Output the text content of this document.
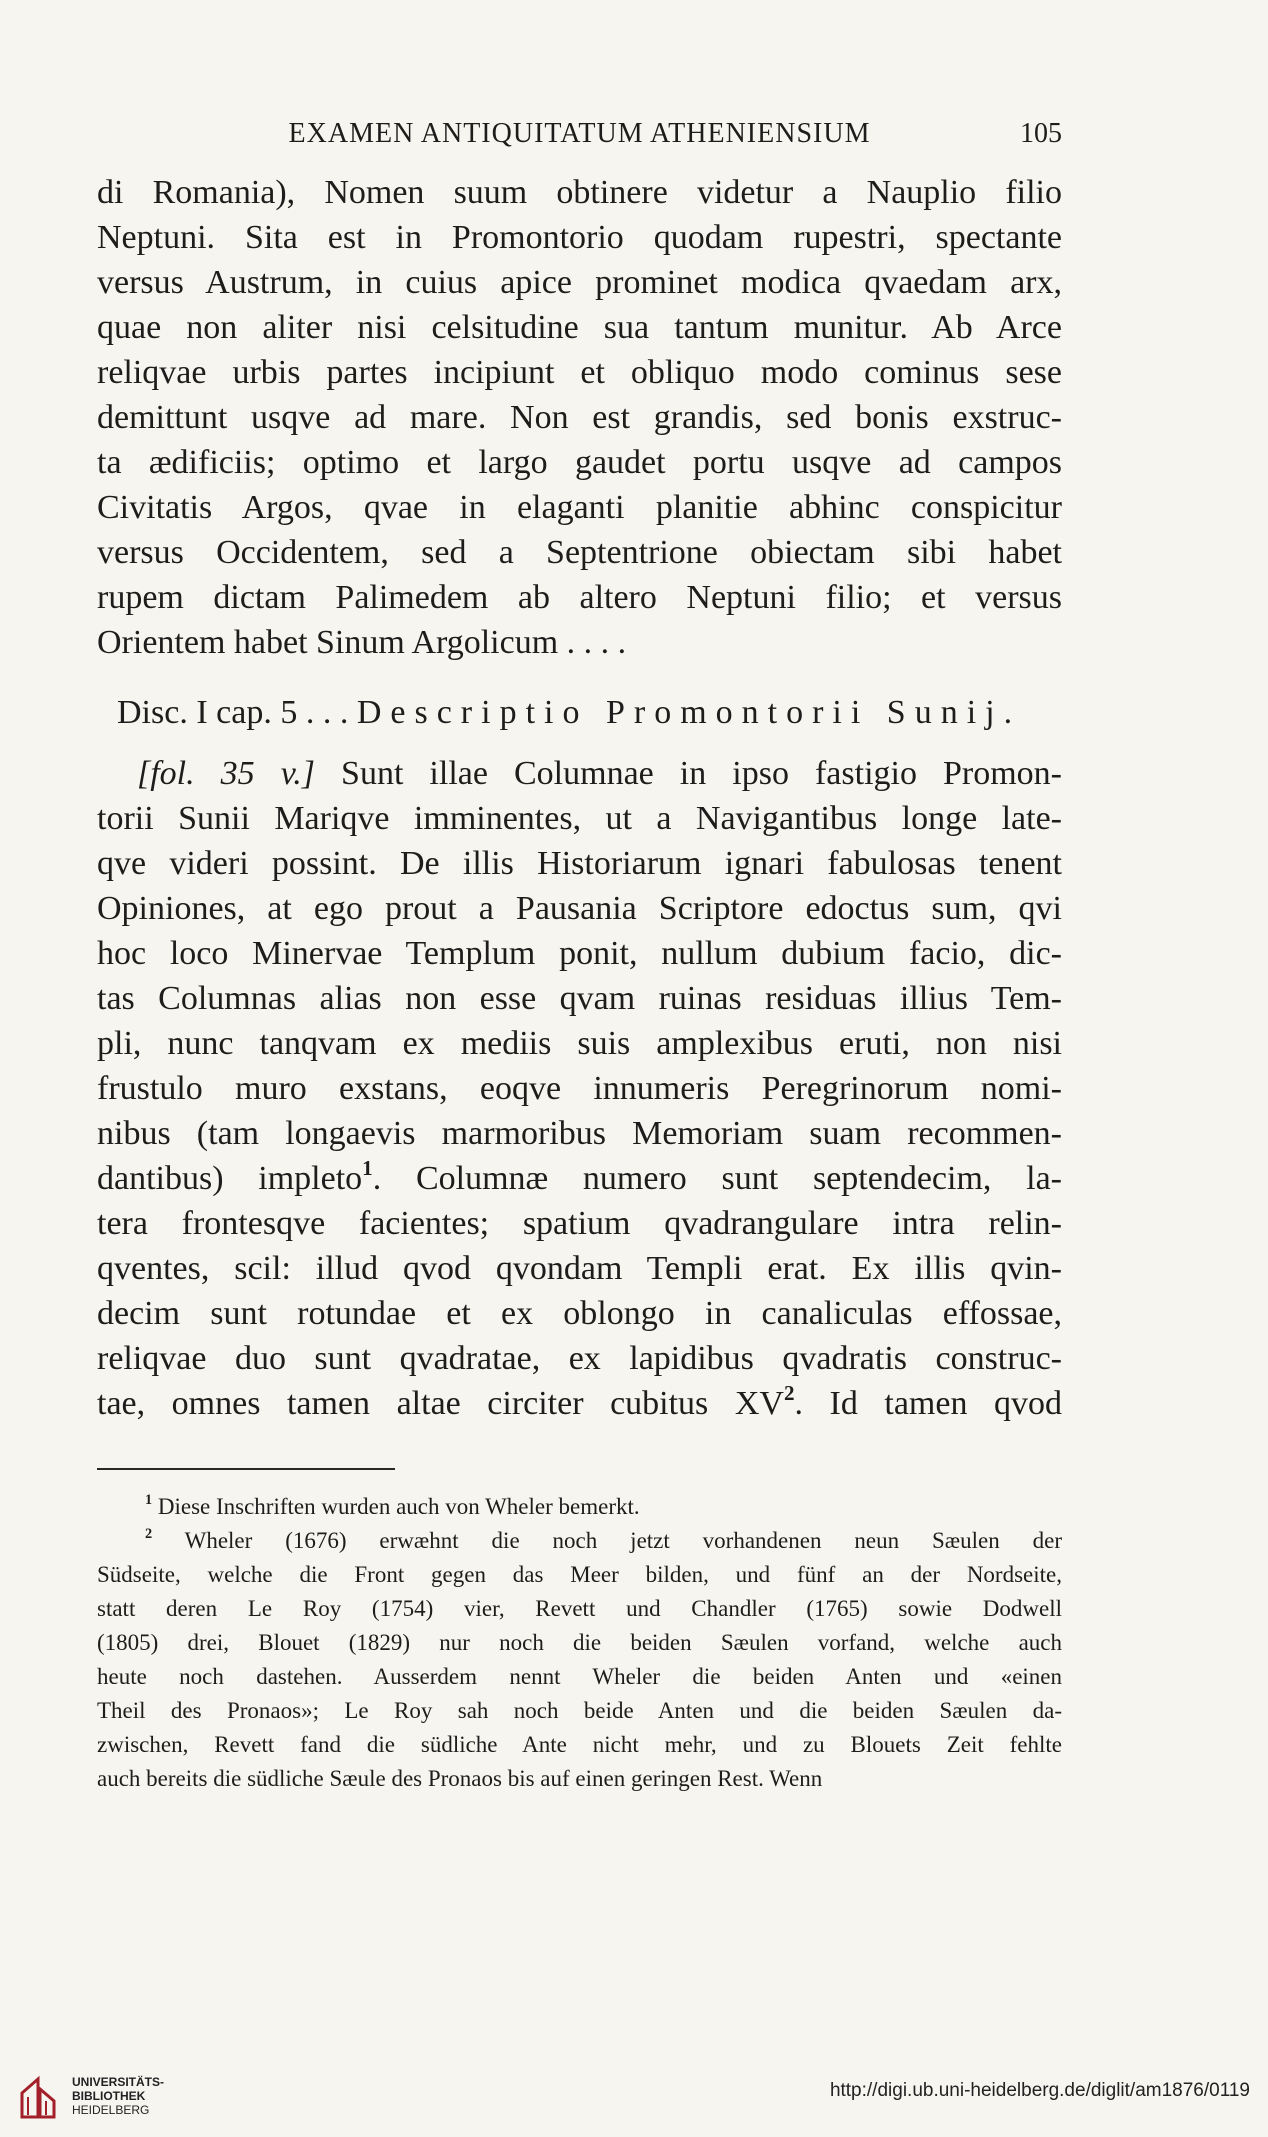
EXAMEN ANTIQUITATUM ATHENIENSIUM	105
di Romania), Nomen suum obtinere videtur a Nauplio filio
Neptuni. Sita est in Promontorio quodam rupestri, spectante
versus Austrum, in cuius apice prominet modica qvaedam arx,
quae non aliter nisi celsitudine sua tantum munitur. Ab Arce
reliqvae urbis partes incipiunt et obliquo modo cominus sese
demittunt usqve ad mare. Non est grandis, sed bonis exstruc-
ta ædificiis; optimo et largo gaudet portu usqve ad campos
Civitatis Argos, qvae in elaganti planitie abhinc conspicitur
versus Occidentem, sed a Septentrione obiectam sibi habet
rupem dictam Palimedem ab altero Neptuni filio; et versus
Orientem habet Sinum Argolicum . . . .
Disc. I cap. 5 . . . Descriptio Promontorii Sunij.
[fol. 35 v.] Sunt illae Columnae in ipso fastigio Promon-
torii Sunii Mariqve imminentes, ut a Navigantibus longe late-
qve videri possint. De illis Historiarum ignari fabulosas tenent
Opiniones, at ego prout a Pausania Scriptore edoctus sum, qvi
hoc loco Minervae Templum ponit, nullum dubium facio, dic-
tas Columnas alias non esse qvam ruinas residuas illius Tem-
pli, nunc tanqvam ex mediis suis amplexibus eruti, non nisi
frustulo muro exstans, eoqve innumeris Peregrinorum nomi-
nibus (tam longaevis marmoribus Memoriam suam recommen-
dantibus) impleto$^1$. Columnæ numero sunt septendecim, la-
tera frontesqve facientes; spatium qvadrangulare intra relin-
qventes, scil: illud qvod qvondam Templi erat. Ex illis qvin-
decim sunt rotundae et ex oblongo in canaliculas effossae,
reliqvae duo sunt qvadratae, ex lapidibus qvadratis construc-
tae, omnes tamen altae circiter cubitus $XV^2$. Id tamen qvod
$^1$ Diese Inschriften wurden auch von Wheler bemerkt.
$^2$ Wheler (1676) erwæhnt die noch jetzt vorhandenen neun Sæulen der
Südseite, welche die Front gegen das Meer bilden, und fünf an der Nordseite,
statt deren Le Roy (1754) vier, Revett und Chandler (1765) sowie Dodwell
(1805) drei, Blouet (1829) nur noch die beiden Sæulen vorfand, welche auch
heute noch dastehen. Ausserdem nennt Wheler die beiden Anten und «einen
Theil des Pronaos»; Le Roy sah noch beide Anten und die beiden Sæulen da-
zwischen, Revett fand die südliche Ante nicht mehr, und zu Blouets Zeit fehlte
auch bereits die südliche Sæule des Pronaos bis auf einen geringen Rest. Wenn
UNIVERSITÄTS-
BIBLIOTHEK
HEIDELBERG
http://digi.ub.uni-heidelberg.de/diglit/am1876/0119
